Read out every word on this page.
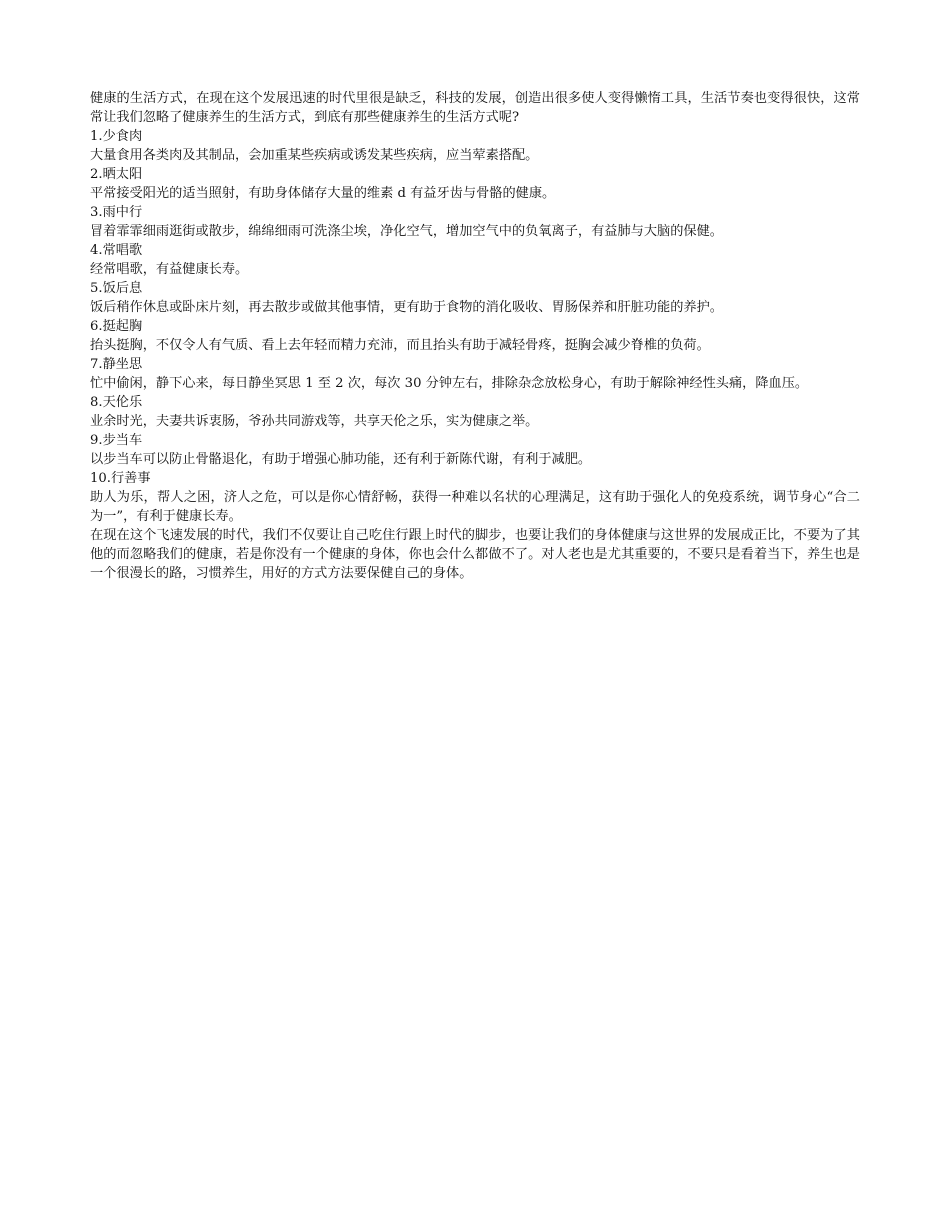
健康的生活方式，在现在这个发展迅速的时代里很是缺乏，科技的发展，创造出很多使人变得懒惰工具，生活节奏也变得很快，这常常让我们忽略了健康养生的生活方式，到底有那些健康养生的生活方式呢?

1.少食肉

大量食用各类肉及其制品，会加重某些疾病或诱发某些疾病，应当荤素搭配。

2.晒太阳

平常接受阳光的适当照射，有助身体储存大量的维素 d 有益牙齿与骨骼的健康。

3.雨中行

冒着霏霏细雨逛街或散步，绵绵细雨可洗涤尘埃，净化空气，增加空气中的负氧离子，有益肺与大脑的保健。

4.常唱歌

经常唱歌，有益健康长寿。

5.饭后息

饭后稍作休息或卧床片刻，再去散步或做其他事情，更有助于食物的消化吸收、胃肠保养和肝脏功能的养护。

6.挺起胸

抬头挺胸，不仅令人有气质、看上去年轻而精力充沛，而且抬头有助于减轻骨疼，挺胸会减少脊椎的负荷。

7.静坐思

忙中偷闲，静下心来，每日静坐冥思 1 至 2 次，每次 30 分钟左右，排除杂念放松身心，有助于解除神经性头痛，降血压。

8.天伦乐

业余时光，夫妻共诉衷肠，爷孙共同游戏等，共享天伦之乐，实为健康之举。

9.步当车

以步当车可以防止骨骼退化，有助于增强心肺功能，还有利于新陈代谢，有利于减肥。

10.行善事

助人为乐，帮人之困，济人之危，可以是你心情舒畅，获得一种难以名状的心理满足，这有助于强化人的免疫系统，调节身心“合二为一”，有利于健康长寿。

在现在这个飞速发展的时代，我们不仅要让自己吃住行跟上时代的脚步，也要让我们的身体健康与这世界的发展成正比，不要为了其他的而忽略我们的健康，若是你没有一个健康的身体，你也会什么都做不了。对人老也是尤其重要的，不要只是看着当下，养生也是一个很漫长的路，习惯养生，用好的方式方法要保健自己的身体。
